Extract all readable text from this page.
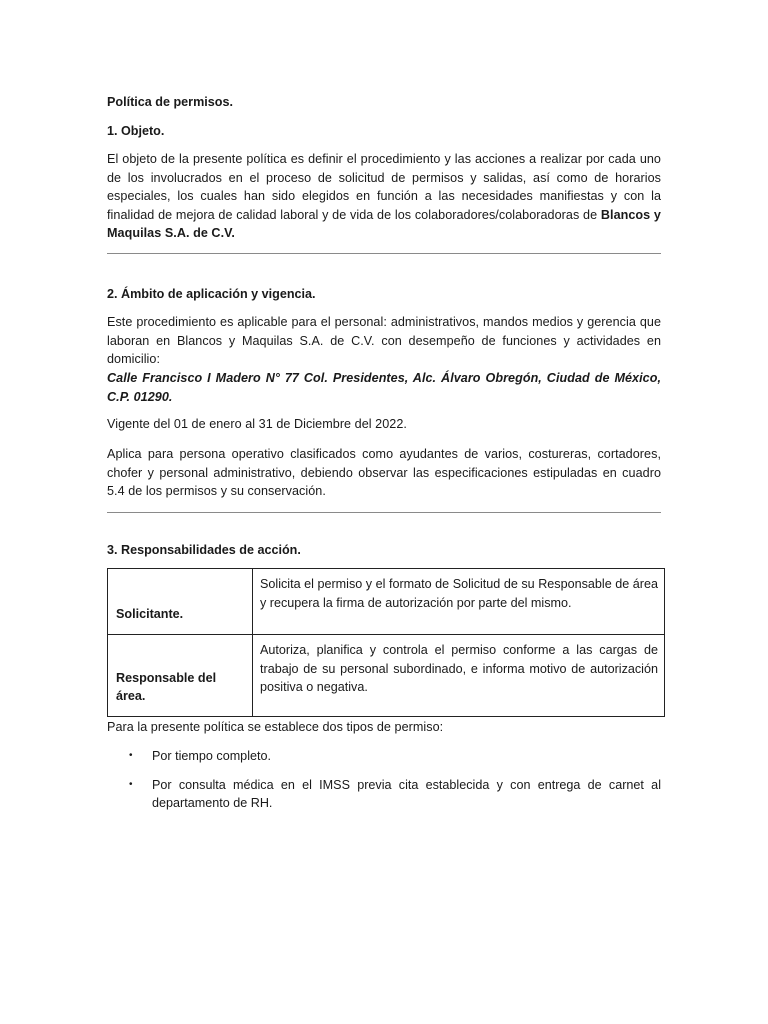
Política de permisos.
1. Objeto.
El objeto de la presente política es definir el procedimiento y las acciones a realizar por cada uno de los involucrados en el proceso de solicitud de permisos y salidas, así como de horarios especiales, los cuales han sido elegidos en función a las necesidades manifiestas y con la finalidad de mejora de calidad laboral y de vida de los colaboradores/colaboradoras de Blancos y Maquilas S.A. de C.V.
2. Ámbito de aplicación y vigencia.
Este procedimiento es aplicable para el personal: administrativos, mandos medios y gerencia que laboran en Blancos y Maquilas S.A. de C.V. con desempeño de funciones y actividades en domicilio:
Calle Francisco I Madero N° 77 Col. Presidentes, Alc. Álvaro Obregón, Ciudad de México, C.P. 01290.
Vigente del 01 de enero al 31 de Diciembre del 2022.
Aplica para persona operativo clasificados como ayudantes de varios, costureras, cortadores, chofer y personal administrativo, debiendo observar las especificaciones estipuladas en cuadro 5.4 de los permisos y su conservación.
3. Responsabilidades de acción.
Solicitante.	Solicita el permiso y el formato de Solicitud de su Responsable de área y recupera la firma de autorización por parte del mismo.
Responsable del área.	Autoriza, planifica y controla el permiso conforme a las cargas de trabajo de su personal subordinado, e informa motivo de autorización positiva o negativa.
Para la presente política se establece dos tipos de permiso:
• Por tiempo completo.
• Por consulta médica en el IMSS previa cita establecida y con entrega de carnet al departamento de RH.
